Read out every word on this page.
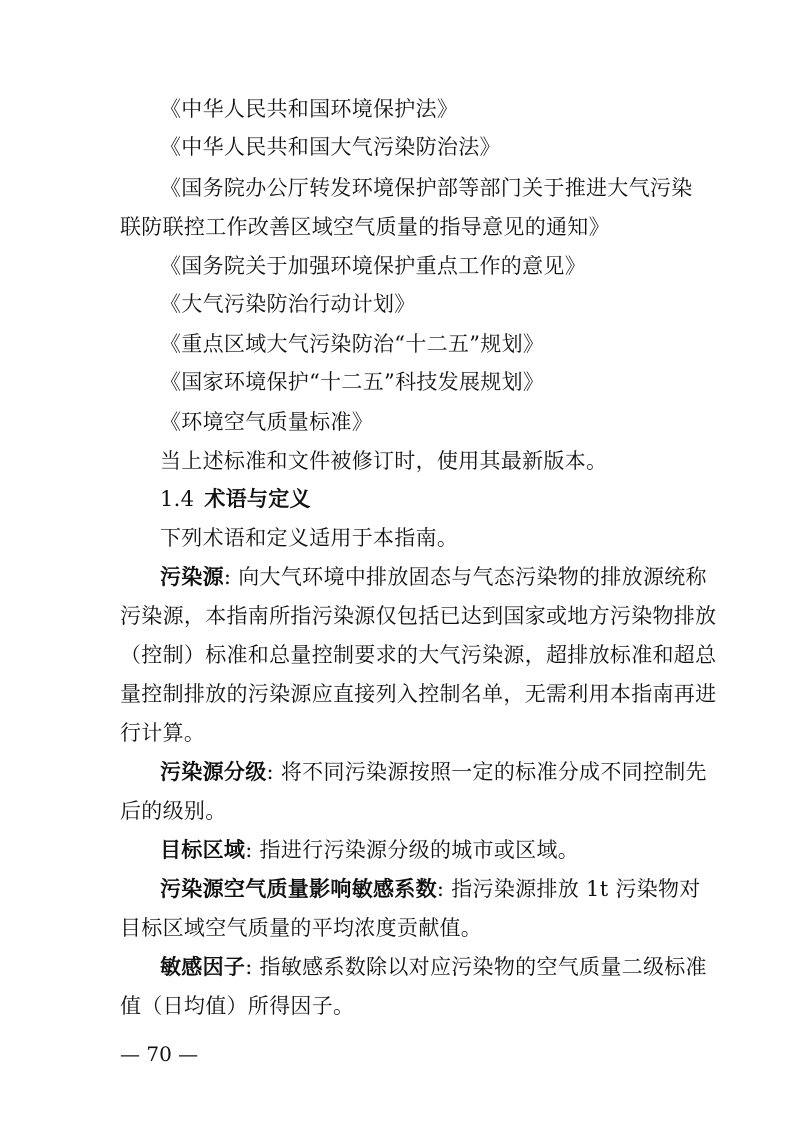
《中华人民共和国环境保护法》
《中华人民共和国大气污染防治法》
《国务院办公厅转发环境保护部等部门关于推进大气污染
联防联控工作改善区域空气质量的指导意见的通知》
《国务院关于加强环境保护重点工作的意见》
《大气污染防治行动计划》
《重点区域大气污染防治“十二五”规划》
《国家环境保护“十二五”科技发展规划》
《环境空气质量标准》
当上述标准和文件被修订时，使用其最新版本。
1.4 术语与定义
下列术语和定义适用于本指南。
污染源: 向大气环境中排放固态与气态污染物的排放源统称
污染源，本指南所指污染源仅包括已达到国家或地方污染物排放
（控制）标准和总量控制要求的大气污染源，超排放标准和超总
量控制排放的污染源应直接列入控制名单，无需利用本指南再进
行计算。
污染源分级: 将不同污染源按照一定的标准分成不同控制先
后的级别。
目标区域: 指进行污染源分级的城市或区域。
污染源空气质量影响敏感系数: 指污染源排放 1t 污染物对
目标区域空气质量的平均浓度贡献值。
敏感因子: 指敏感系数除以对应污染物的空气质量二级标准
值（日均值）所得因子。
— 70 —
